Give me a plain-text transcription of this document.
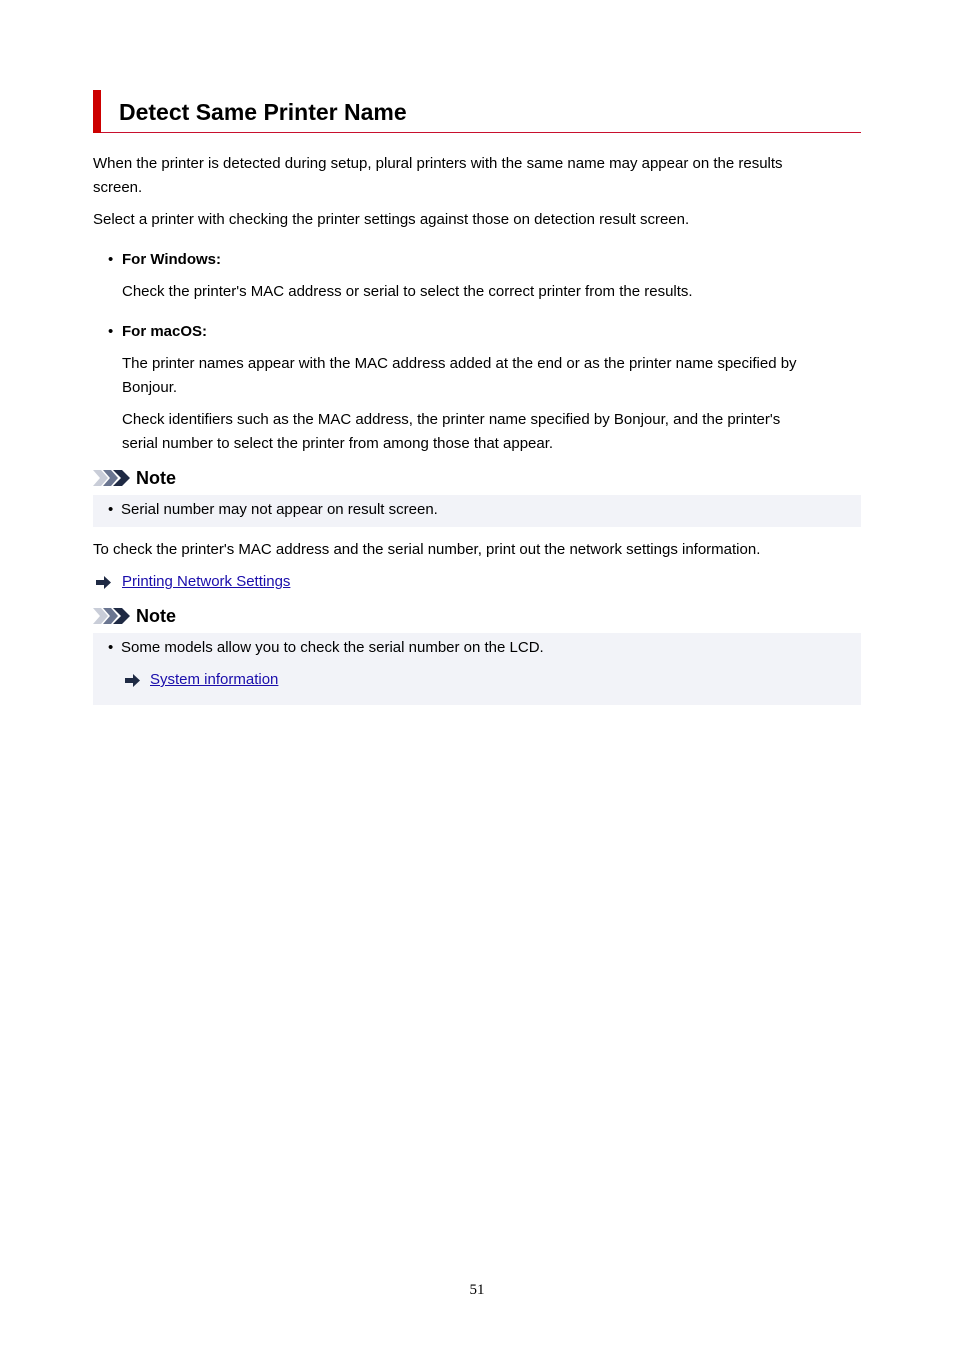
Detect Same Printer Name

When the printer is detected during setup, plural printers with the same name may appear on the results

screen.

Select a printer with checking the printer settings against those on detection result screen.

• For Windows:

Check the printer's MAC address or serial to select the correct printer from the results.

• For macOS:

The printer names appear with the MAC address added at the end or as the printer name specified by

Bonjour.

Check identifiers such as the MAC address, the printer name specified by Bonjour, and the printer's

serial number to select the printer from among those that appear.

Note
• Serial number may not appear on result screen.

To check the printer's MAC address and the serial number, print out the network settings information.

Printing Network Settings

Note
• Some models allow you to check the serial number on the LCD.

System information

51
